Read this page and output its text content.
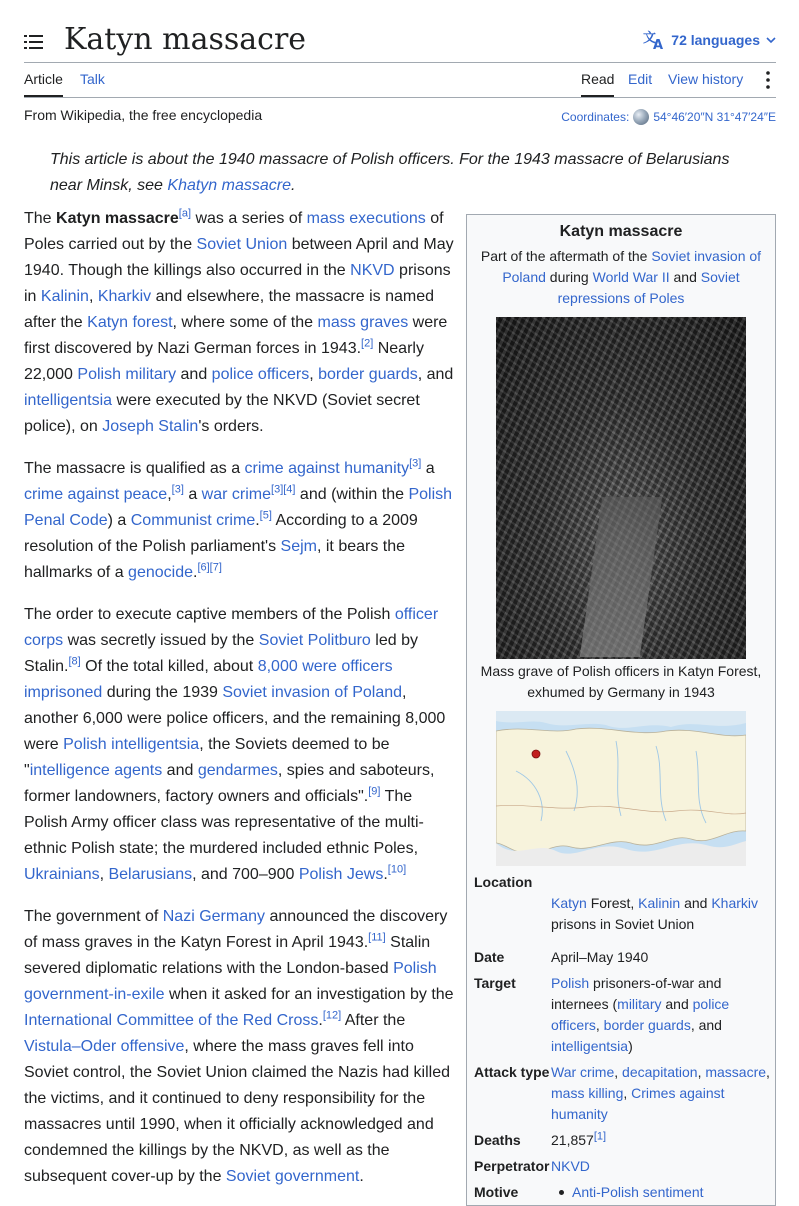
Katyn massacre	文
A 72 languages
Article Talk	Read Edit View history
From Wikipedia, the free encyclopedia	Coordinates: 54°46′20″N 31°47′24″E
This article is about the 1940 massacre of Polish officers. For the 1943 massacre of Belarusians near Minsk, see Khatyn massacre.

The Katyn massacre[a] was a series of mass executions of Poles carried out by the Soviet Union between April and May 1940. Though the killings also occurred in the NKVD prisons in Kalinin, Kharkiv and elsewhere, the massacre is named after the Katyn forest, where some of the mass graves were first discovered by Nazi German forces in 1943.[2] Nearly 22,000 Polish military and police officers, border guards, and intelligentsia were executed by the NKVD (Soviet secret police), on Joseph Stalin's orders.

The massacre is qualified as a crime against humanity[3] a crime against peace,[3] a war crime[3][4] and (within the Polish Penal Code) a Communist crime.[5] According to a 2009 resolution of the Polish parliament's Sejm, it bears the hallmarks of a genocide.[6][7]

The order to execute captive members of the Polish officer corps was secretly issued by the Soviet Politburo led by Stalin.[8] Of the total killed, about 8,000 were officers imprisoned during the 1939 Soviet invasion of Poland, another 6,000 were police officers, and the remaining 8,000 were Polish intelligentsia, the Soviets deemed to be "intelligence agents and gendarmes, spies and saboteurs, former landowners, factory owners and officials".[9] The Polish Army officer class was representative of the multi-ethnic Polish state; the murdered included ethnic Poles, Ukrainians, Belarusians, and 700–900 Polish Jews.[10]

The government of Nazi Germany announced the discovery of mass graves in the Katyn Forest in April 1943.[11] Stalin severed diplomatic relations with the London-based Polish government-in-exile when it asked for an investigation by the International Committee of the Red Cross.[12] After the Vistula–Oder offensive, where the mass graves fell into Soviet control, the Soviet Union claimed the Nazis had killed the victims, and it continued to deny responsibility for the massacres until 1990, when it officially acknowledged and condemned the killings by the NKVD, as well as the subsequent cover-up by the Soviet government.

Katyn massacre
Part of the aftermath of the Soviet invasion of Poland during World War II and Soviet repressions of Poles
Mass grave of Polish officers in Katyn Forest, exhumed by Germany in 1943
Location
Katyn Forest, Kalinin and Kharkiv prisons in Soviet Union
Date	April–May 1940
Target	Polish prisoners-of-war and internees (military and police officers, border guards, and intelligentsia)
Attack type	War crime, decapitation, massacre, mass killing, Crimes against humanity
Deaths	21,857[1]
Perpetrator	NKVD
Motive	Anti-Polish sentiment
